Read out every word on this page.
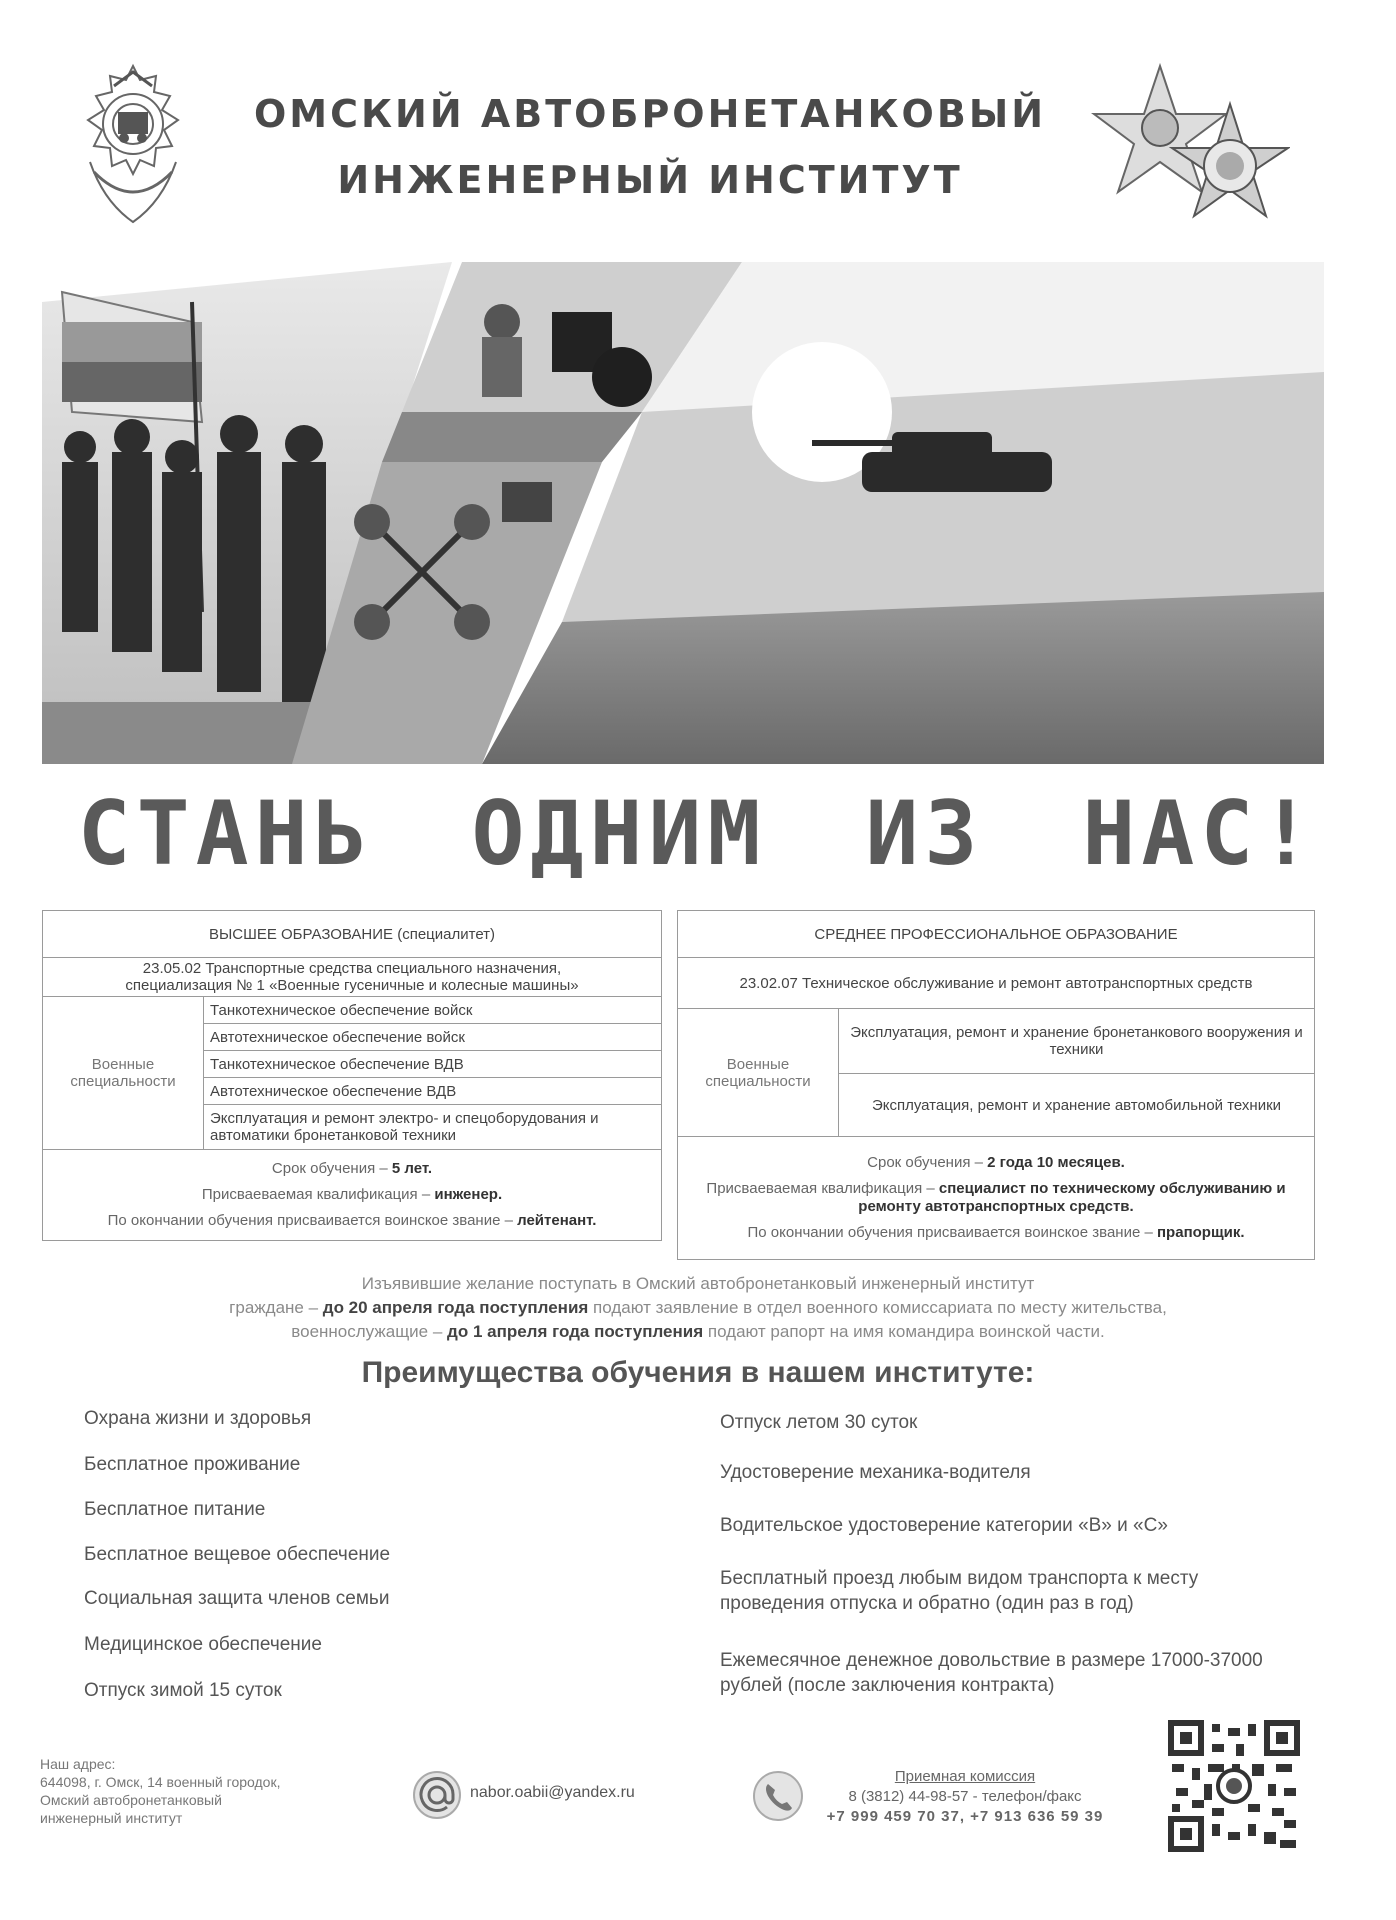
ОМСКИЙ АВТОБРОНЕТАНКОВЫЙ
ИНЖЕНЕРНЫЙ ИНСТИТУТ
СТАНЬ ОДНИМ ИЗ НАС!
ВЫСШЕЕ ОБРАЗОВАНИЕ (специалитет)

23.05.02 Транспортные средства специального назначения,
специализация № 1 «Военные гусеничные и колесные машины»

Военные
специальности
	Танкотехническое обеспечение войск
Автотехническое обеспечение войск
Танкотехническое обеспечение ВДВ
Автотехническое обеспечение ВДВ
Эксплуатация и ремонт электро- и спецоборудования и автоматики бронетанковой техники

Срок обучения – 5 лет.
Присваеваемая квалификация – инженер.
По окончании обучения присваивается воинское звание – лейтенант.
СРЕДНЕЕ ПРОФЕССИОНАЛЬНОЕ ОБРАЗОВАНИЕ
23.02.07 Техническое обслуживание и ремонт автотранспортных средств

Военные
специальности
	Эксплуатация, ремонт и хранение бронетанкового вооружения и техники
Эксплуатация, ремонт и хранение автомобильной техники

Срок обучения – 2 года 10 месяцев.
Присваеваемая квалификация – специалист по техническому обслуживанию и ремонту автотранспортных средств.
По окончании обучения присваивается воинское звание – прапорщик.
Изъявившие желание поступать в Омский автобронетанковый инженерный институт
граждане – до 20 апреля года поступления подают заявление в отдел военного комиссариата по месту жительства,
военнослужащие – до 1 апреля года поступления подают рапорт на имя командира воинской части.
Преимущества обучения в нашем институте:
Охрана жизни и здоровья
Бесплатное проживание
Бесплатное питание
Бесплатное вещевое обеспечение
Социальная защита членов семьи
Медицинское обеспечение
Отпуск зимой 15 суток
Отпуск летом 30 суток
Удостоверение механика-водителя
Водительское удостоверение категории «В» и «С»
Бесплатный проезд любым видом транспорта к месту проведения отпуска и обратно (один раз в год)
Ежемесячное денежное довольствие в размере 17000-37000 рублей (после заключения контракта)
Наш адрес:
644098, г. Омск, 14 военный городок,
Омский автобронетанковый
инженерный институт
nabor.oabii@yandex.ru
Приемная комиссия
8 (3812) 44-98-57 - телефон/факс
+7 999 459 70 37, +7 913 636 59 39
